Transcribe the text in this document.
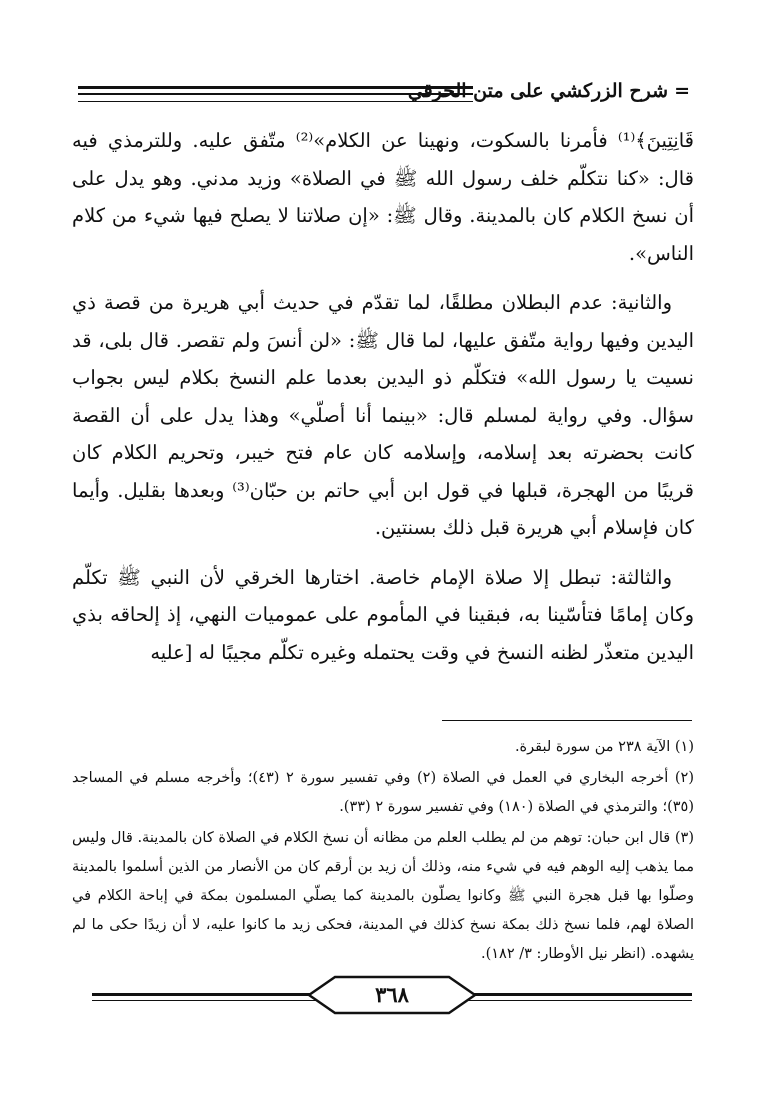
=شرح الزركشي على متن الخرقي

قَانِتِينَ﴾⁽¹⁾ فأمرنا بالسكوت، ونهينا عن الكلام»⁽²⁾ متّفق عليه. وللترمذي فيه قال: «كنا نتكلّم خلف رسول الله ﷺ في الصلاة» وزيد مدني. وهو يدل على أن نسخ الكلام كان بالمدينة. وقال ﷺ: «إن صلاتنا لا يصلح فيها شيء من كلام الناس».

والثانية: عدم البطلان مطلقًا، لما تقدّم في حديث أبي هريرة من قصة ذي اليدين وفيها رواية متّفق عليها، لما قال ﷺ: «لن أنسَ ولم تقصر. قال بلى، قد نسيت يا رسول الله» فتكلّم ذو اليدين بعدما علم النسخ بكلام ليس بجواب سؤال. وفي رواية لمسلم قال: «بينما أنا أصلّي» وهذا يدل على أن القصة كانت بحضرته بعد إسلامه، وإسلامه كان عام فتح خيبر، وتحريم الكلام كان قريبًا من الهجرة، قبلها في قول ابن أبي حاتم بن حبّان⁽³⁾ وبعدها بقليل. وأيما كان فإسلام أبي هريرة قبل ذلك بسنتين.

والثالثة: تبطل إلا صلاة الإمام خاصة. اختارها الخرقي لأن النبي ﷺ تكلّم وكان إمامًا فتأسّينا به، فبقينا في المأموم على عموميات النهي، إذ إلحاقه بذي اليدين متعذّر لظنه النسخ في وقت يحتمله وغيره تكلّم مجيبًا له [عليه

(١) الآية ٢٣٨ من سورة لبقرة.

(٢) أخرجه البخاري في العمل في الصلاة (٢) وفي تفسير سورة ٢ (٤٣)؛ وأخرجه مسلم في المساجد (٣٥)؛ والترمذي في الصلاة (١٨٠) وفي تفسير سورة ٢ (٣٣).

(٣) قال ابن حبان: توهم من لم يطلب العلم من مظانه أن نسخ الكلام في الصلاة كان بالمدينة. قال وليس مما يذهب إليه الوهم فيه في شيء منه، وذلك أن زيد بن أرقم كان من الأنصار من الذين أسلموا بالمدينة وصلّوا بها قبل هجرة النبي ﷺ وكانوا يصلّون بالمدينة كما يصلّي المسلمون بمكة في إباحة الكلام في الصلاة لهم، فلما نسخ ذلك بمكة نسخ كذلك في المدينة، فحكى زيد ما كانوا عليه، لا أن زيدًا حكى ما لم يشهده. (انظر نيل الأوطار: ٣/ ١٨٢).

٣٦٨
